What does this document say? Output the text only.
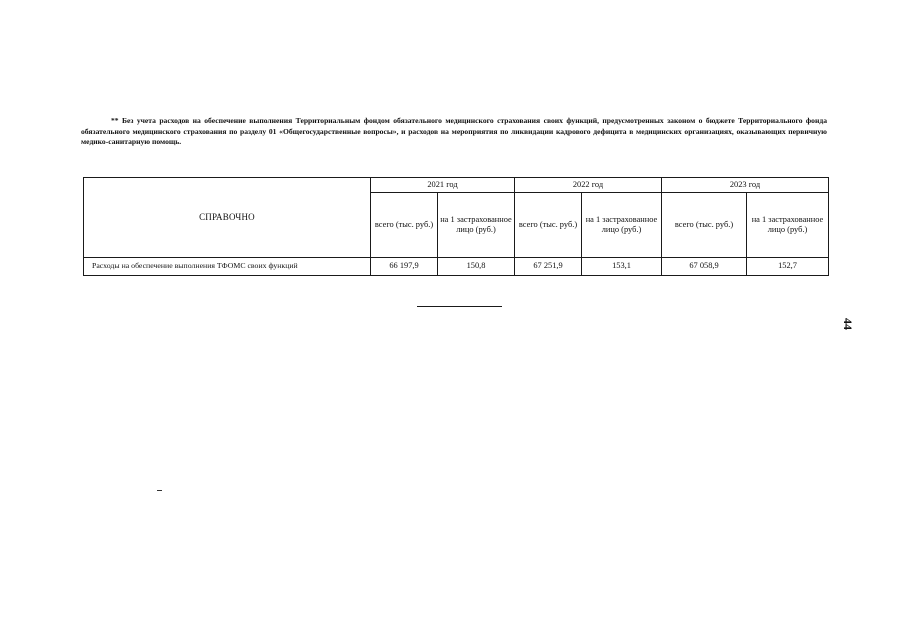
** Без учета расходов на обеспечение выполнения Территориальным фондом обязательного медицинского страхования своих функций, предусмотренных законом о бюджете Территориального фонда обязательного медицинского страхования по разделу 01 «Общегосударственные вопросы», и расходов на мероприятия по ликвидации кадрового дефицита в медицинских организациях, оказывающих первичную медико-санитарную помощь.
СПРАВОЧНО	2021 год		2022 год		2023 год	
	всего (тыс. руб.)	на 1 застрахованное лицо (руб.)	всего (тыс. руб.)	на 1 застрахованное лицо (руб.)	всего (тыс. руб.)	на 1 застрахованное лицо (руб.)
Расходы на обеспечение выполнения ТФОМС своих функций	66 197,9	150,8	67 251,9	153,1	67 058,9	152,7
44
